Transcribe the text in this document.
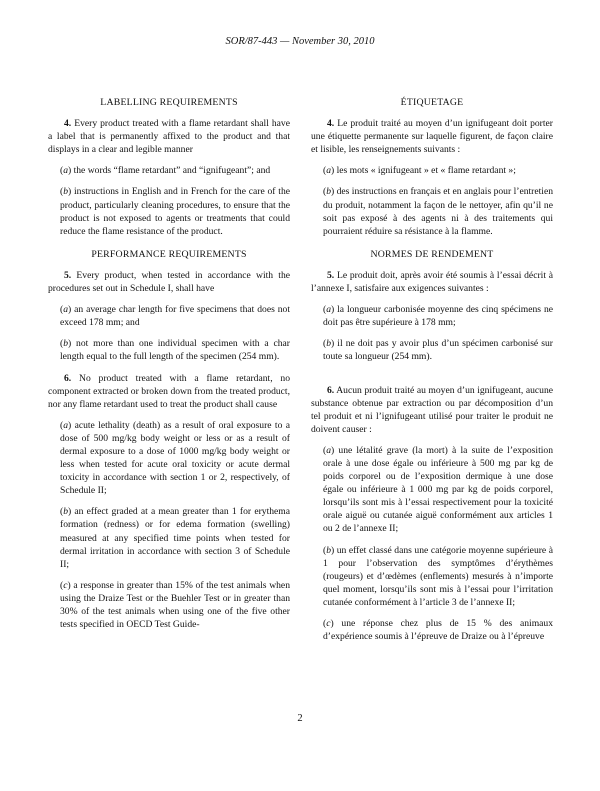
SOR/87-443 — November 30, 2010
LABELLING REQUIREMENTS

4. Every product treated with a flame retardant shall have a label that is permanently affixed to the product and that displays in a clear and legible manner

(a) the words “flame retardant” and “ignifugeant”; and

(b) instructions in English and in French for the care of the product, particularly cleaning procedures, to ensure that the product is not exposed to agents or treatments that could reduce the flame resistance of the product.

PERFORMANCE REQUIREMENTS

5. Every product, when tested in accordance with the procedures set out in Schedule I, shall have

(a) an average char length for five specimens that does not exceed 178 mm; and

(b) not more than one individual specimen with a char length equal to the full length of the specimen (254 mm).

6. No product treated with a flame retardant, no component extracted or broken down from the treated product, nor any flame retardant used to treat the product shall cause

(a) acute lethality (death) as a result of oral exposure to a dose of 500 mg/kg body weight or less or as a result of dermal exposure to a dose of 1000 mg/kg body weight or less when tested for acute oral toxicity or acute dermal toxicity in accordance with section 1 or 2, respectively, of Schedule II;

(b) an effect graded at a mean greater than 1 for erythema formation (redness) or for edema formation (swelling) measured at any specified time points when tested for dermal irritation in accordance with section 3 of Schedule II;

(c) a response in greater than 15% of the test animals when using the Draize Test or the Buehler Test or in greater than 30% of the test animals when using one of the five other tests specified in OECD Test Guide-

ÉTIQUETAGE

4. Le produit traité au moyen d’un ignifugeant doit porter une étiquette permanente sur laquelle figurent, de façon claire et lisible, les renseignements suivants :

(a) les mots « ignifugeant » et « flame retardant »;

(b) des instructions en français et en anglais pour l’entretien du produit, notamment la façon de le nettoyer, afin qu’il ne soit pas exposé à des agents ni à des traitements qui pourraient réduire sa résistance à la flamme.

NORMES DE RENDEMENT

5. Le produit doit, après avoir été soumis à l’essai décrit à l’annexe I, satisfaire aux exigences suivantes :

(a) la longueur carbonisée moyenne des cinq spécimens ne doit pas être supérieure à 178 mm;

(b) il ne doit pas y avoir plus d’un spécimen carbonisé sur toute sa longueur (254 mm).

6. Aucun produit traité au moyen d’un ignifugeant, aucune substance obtenue par extraction ou par décomposition d’un tel produit et ni l’ignifugeant utilisé pour traiter le produit ne doivent causer :

(a) une létalité grave (la mort) à la suite de l’exposition orale à une dose égale ou inférieure à 500 mg par kg de poids corporel ou de l’exposition dermique à une dose égale ou inférieure à 1 000 mg par kg de poids corporel, lorsqu’ils sont mis à l’essai respectivement pour la toxicité orale aiguë ou cutanée aiguë conformément aux articles 1 ou 2 de l’annexe II;

(b) un effet classé dans une catégorie moyenne supérieure à 1 pour l’observation des symptômes d’érythèmes (rougeurs) et d’œdèmes (enflements) mesurés à n’importe quel moment, lorsqu’ils sont mis à l’essai pour l’irritation cutanée conformément à l’article 3 de l’annexe II;

(c) une réponse chez plus de 15 % des animaux d’expérience soumis à l’épreuve de Draize ou à l’épreuve

2
